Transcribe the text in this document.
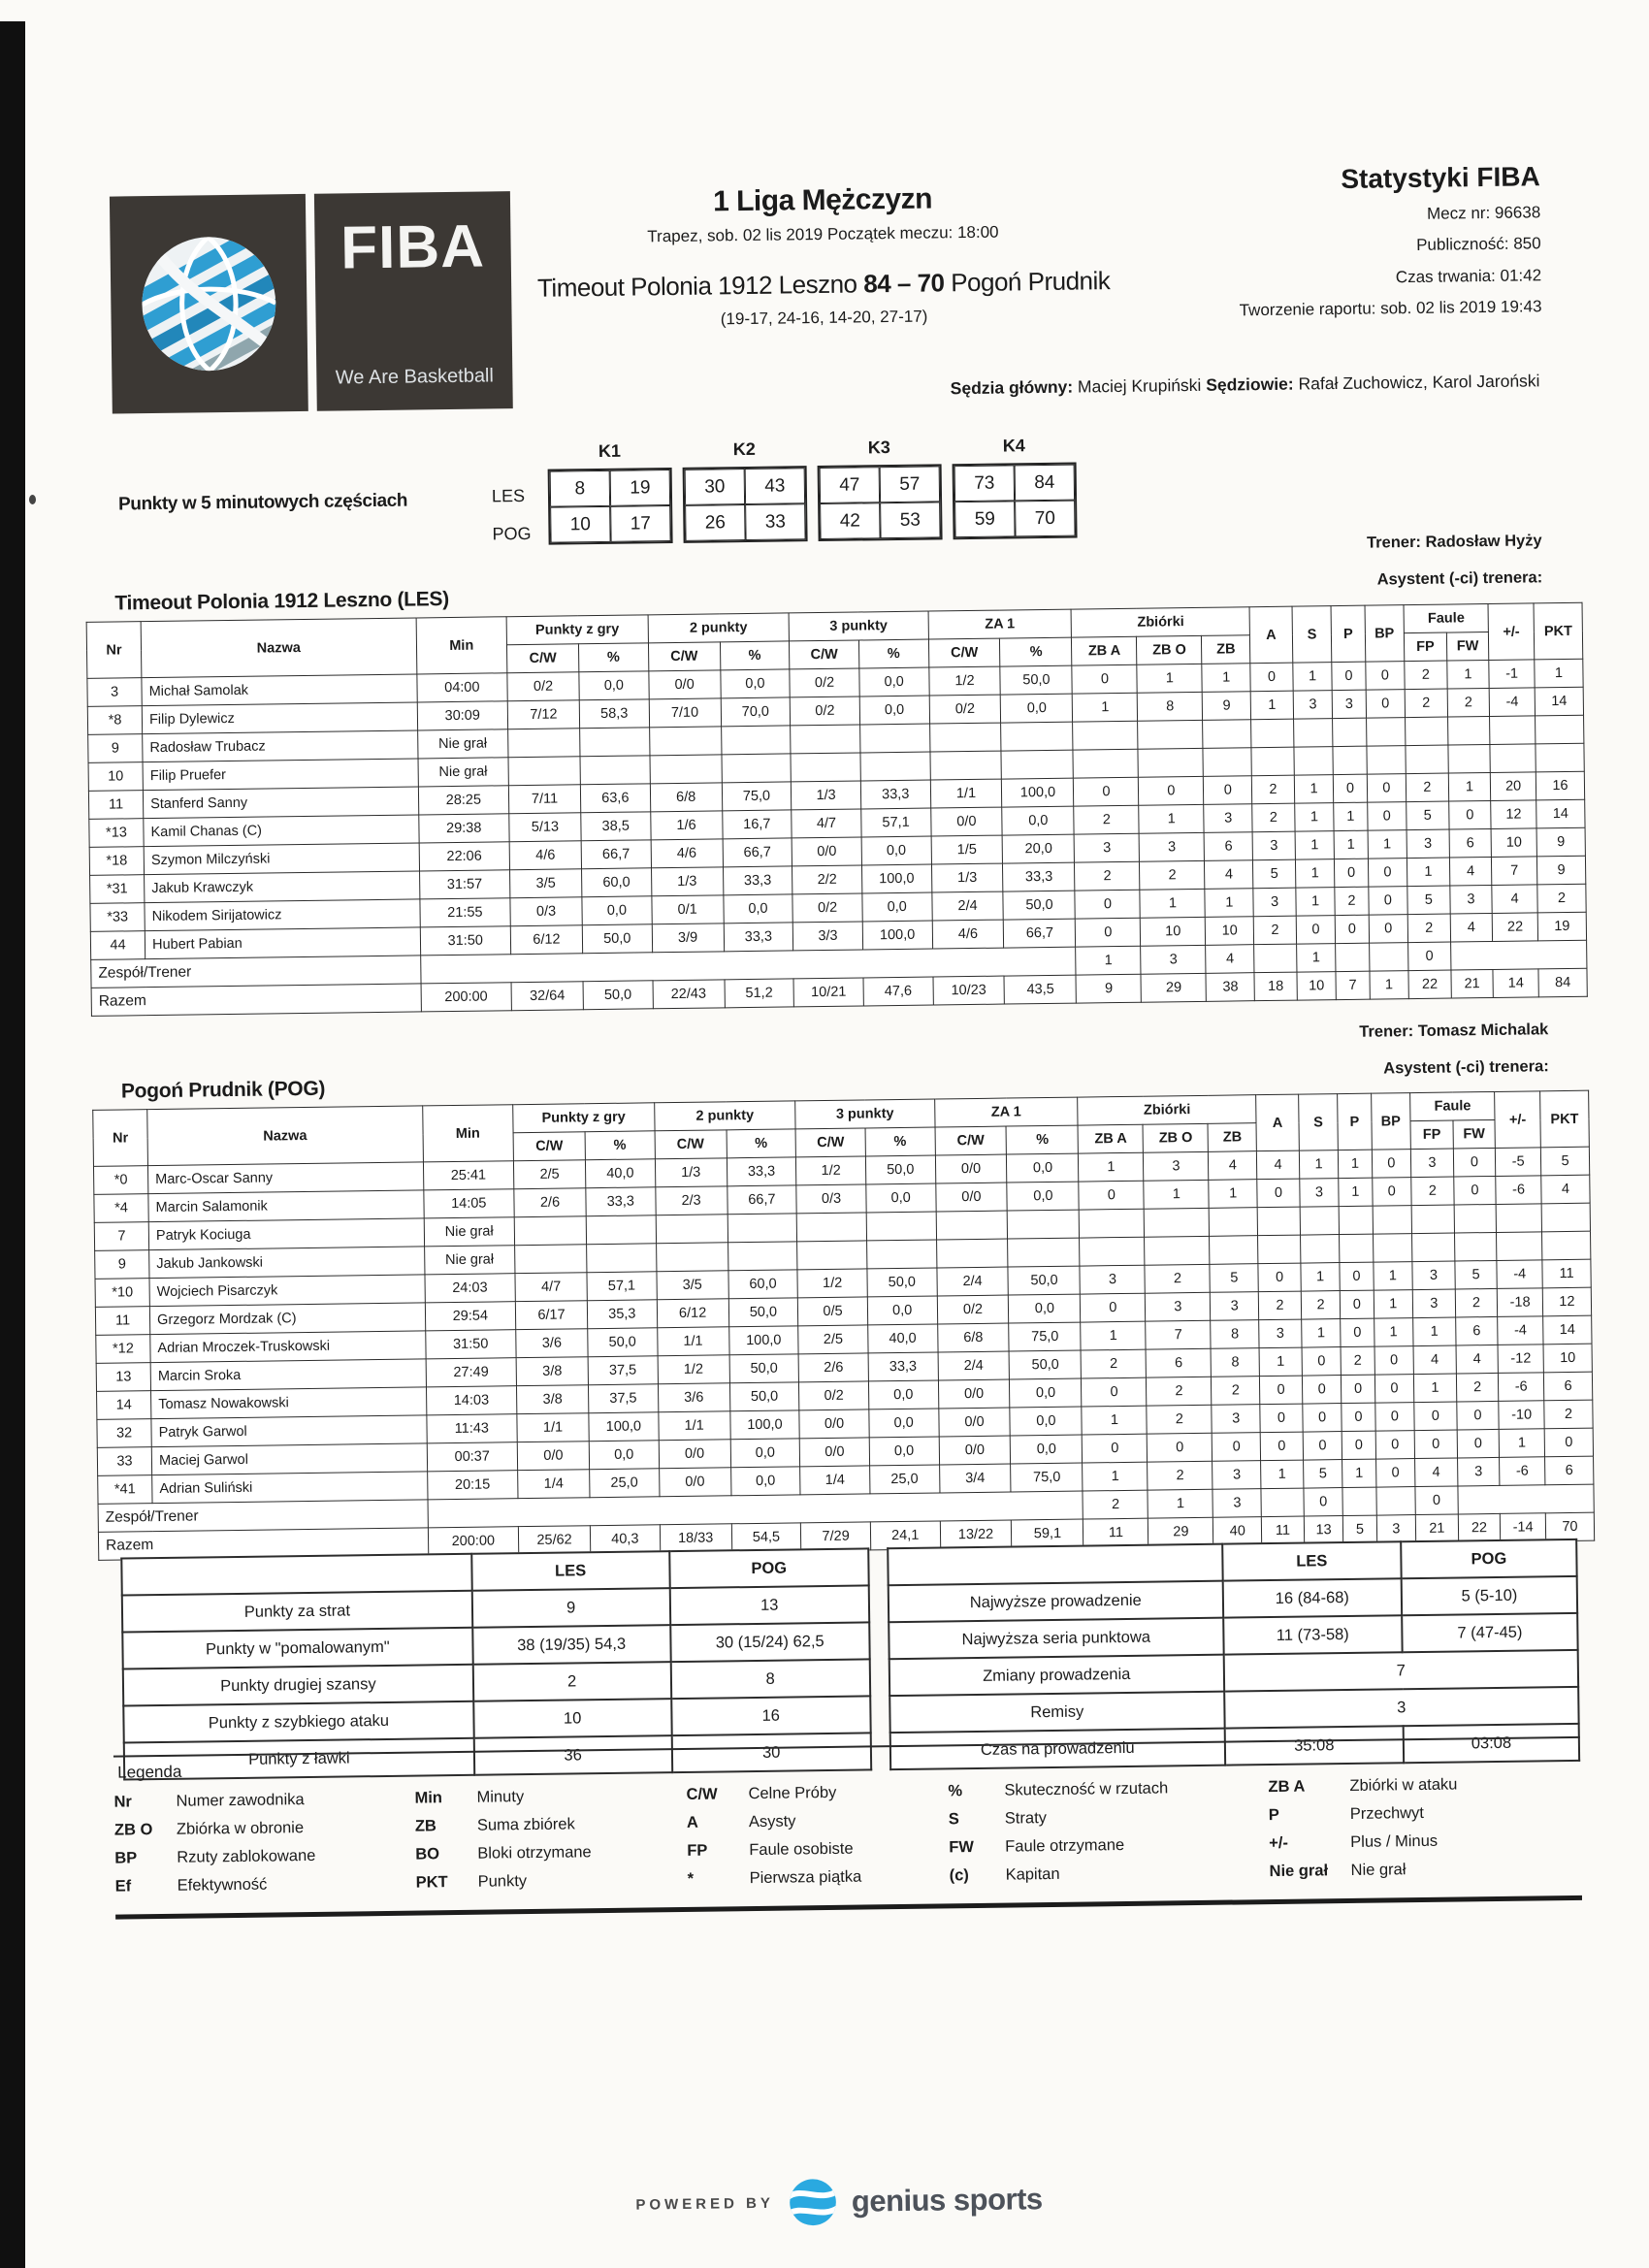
FIBA
We Are Basketball
1 Liga Mężczyzn
Trapez, sob. 02 lis 2019 Początek meczu: 18:00
Timeout Polonia 1912 Leszno 84 – 70 Pogoń Prudnik
(19-17, 24-16, 14-20, 27-17)
Statystyki FIBA
Mecz nr: 96638
Publiczność: 850
Czas trwania: 01:42
Tworzenie raportu: sob. 02 lis 2019 19:43
Sędzia główny: Maciej Krupiński Sędziowie: Rafał Zuchowicz, Karol Jaroński
Punkty w 5 minutowych częściach	LES
POG
K1
8	19
10	17
K2
30	43
26	33
K3
47	57
42	53
K4
73	84
59	70
Trener: Radosław Hyży
Asystent (-ci) trenera:
Timeout Polonia 1912 Leszno (LES)
Nr	Nazwa	Min	Punkty z gry		2 punkty		3 punkty		ZA 1		Zbiórki			A	S	P	BP	Faule		+/-	PKT
			C/W	%	C/W	%	C/W	%	C/W	%	ZB A	ZB O	ZB					FP	FW		
3	Michał Samolak	04:00	0/2	0,0	0/0	0,0	0/2	0,0	1/2	50,0	0	1	1	0	1	0	0	2	1	-1	1
*8	Filip Dylewicz	30:09	7/12	58,3	7/10	70,0	0/2	0,0	0/2	0,0	1	8	9	1	3	3	0	2	2	-4	14
9	Radosław Trubacz	Nie grał																			
10	Filip Pruefer	Nie grał																			
11	Stanferd Sanny	28:25	7/11	63,6	6/8	75,0	1/3	33,3	1/1	100,0	0	0	0	2	1	0	0	2	1	20	16
*13	Kamil Chanas (C)	29:38	5/13	38,5	1/6	16,7	4/7	57,1	0/0	0,0	2	1	3	2	1	1	0	5	0	12	14
*18	Szymon Milczyński	22:06	4/6	66,7	4/6	66,7	0/0	0,0	1/5	20,0	3	3	6	3	1	1	1	3	6	10	9
*31	Jakub Krawczyk	31:57	3/5	60,0	1/3	33,3	2/2	100,0	1/3	33,3	2	2	4	5	1	0	0	1	4	7	9
*33	Nikodem Sirijatowicz	21:55	0/3	0,0	0/1	0,0	0/2	0,0	2/4	50,0	0	1	1	3	1	2	0	5	3	4	2
44	Hubert Pabian	31:50	6/12	50,0	3/9	33,3	3/3	100,0	4/6	66,7	0	10	10	2	0	0	0	2	4	22	19
Zespół/Trener											1	3	4		1			0			
Razem		200:00	32/64	50,0	22/43	51,2	10/21	47,6	10/23	43,5	9	29	38	18	10	7	1	22	21	14	84
Trener: Tomasz Michalak
Asystent (-ci) trenera:
Pogoń Prudnik (POG)
Nr	Nazwa	Min	Punkty z gry		2 punkty		3 punkty		ZA 1		Zbiórki			A	S	P	BP	Faule		+/-	PKT
			C/W	%	C/W	%	C/W	%	C/W	%	ZB A	ZB O	ZB					FP	FW		
*0	Marc-Oscar Sanny	25:41	2/5	40,0	1/3	33,3	1/2	50,0	0/0	0,0	1	3	4	4	1	1	0	3	0	-5	5
*4	Marcin Salamonik	14:05	2/6	33,3	2/3	66,7	0/3	0,0	0/0	0,0	0	1	1	0	3	1	0	2	0	-6	4
7	Patryk Kociuga	Nie grał																			
9	Jakub Jankowski	Nie grał																			
*10	Wojciech Pisarczyk	24:03	4/7	57,1	3/5	60,0	1/2	50,0	2/4	50,0	3	2	5	0	1	0	1	3	5	-4	11
11	Grzegorz Mordzak (C)	29:54	6/17	35,3	6/12	50,0	0/5	0,0	0/2	0,0	0	3	3	2	2	0	1	3	2	-18	12
*12	Adrian Mroczek-Truskowski	31:50	3/6	50,0	1/1	100,0	2/5	40,0	6/8	75,0	1	7	8	3	1	0	1	1	6	-4	14
13	Marcin Sroka	27:49	3/8	37,5	1/2	50,0	2/6	33,3	2/4	50,0	2	6	8	1	0	2	0	4	4	-12	10
14	Tomasz Nowakowski	14:03	3/8	37,5	3/6	50,0	0/2	0,0	0/0	0,0	0	2	2	0	0	0	0	1	2	-6	6
32	Patryk Garwol	11:43	1/1	100,0	1/1	100,0	0/0	0,0	0/0	0,0	1	2	3	0	0	0	0	0	0	-10	2
33	Maciej Garwol	00:37	0/0	0,0	0/0	0,0	0/0	0,0	0/0	0,0	0	0	0	0	0	0	0	0	0	1	0
*41	Adrian Suliński	20:15	1/4	25,0	0/0	0,0	1/4	25,0	3/4	75,0	1	2	3	1	5	1	0	4	3	-6	6
Zespół/Trener											2	1	3		0			0			
Razem		200:00	25/62	40,3	18/33	54,5	7/29	24,1	13/22	59,1	11	29	40	11	13	5	3	21	22	-14	70
	LES	POG
Punkty za strat	9	13
Punkty w "pomalowanym"	38 (19/35) 54,3	30 (15/24) 62,5
Punkty drugiej szansy	2	8
Punkty z szybkiego ataku	10	16
Punkty z ławki	36	30
	LES	POG
Najwyższe prowadzenie	16 (84-68)	5 (5-10)
Najwyższa seria punktowa	11 (73-58)	7 (47-45)
Zmiany prowadzenia	7	
Remisy	3	
Czas na prowadzeniu	35:08	03:08
Legenda
Nr	Numer zawodnika
ZB O	Zbiórka w obronie
BP	Rzuty zablokowane
Ef	Efektywność
Min	Minuty
ZB	Suma zbiórek
BO	Bloki otrzymane
PKT	Punkty
C/W	Celne Próby
A	Asysty
FP	Faule osobiste
*	Pierwsza piątka
%	Skuteczność w rzutach
S	Straty
FW	Faule otrzymane
(c)	Kapitan
ZB A	Zbiórki w ataku
P	Przechwyt
+/-	Plus / Minus
Nie grał	Nie grał
POWERED BY	genius sports
